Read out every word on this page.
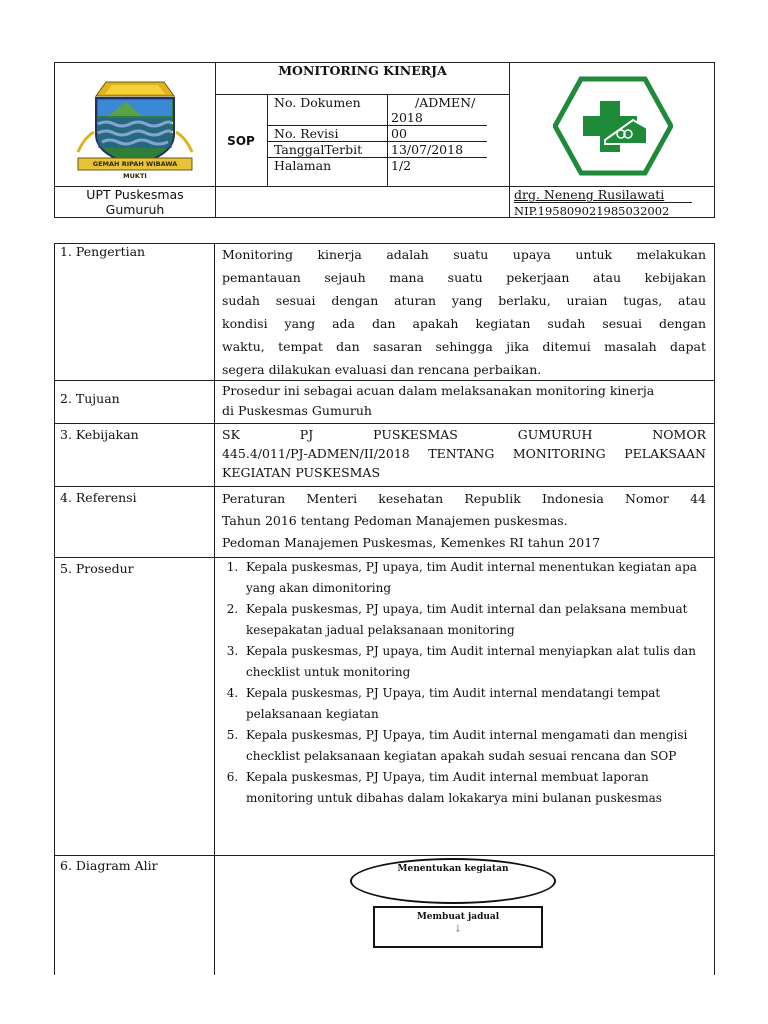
GEMAH RIPAH WIBAWA MUKTI
MONITORING KINERJA
SOP
No. Dokumen	/ADMEN/ 2018
No. Revisi	00
TanggalTerbit 13/07/2018
Halaman	1/2
UPT Puskesmas Gumuruh
drg. Neneng Rusilawati
NIP.195809021985032002
1. Pengertian	Monitoring kinerja adalah suatu upaya untuk melakukan
pemantauan sejauh mana suatu pekerjaan atau kebijakan
sudah sesuai dengan aturan yang berlaku, uraian tugas, atau
kondisi yang ada dan apakah kegiatan sudah sesuai dengan
waktu, tempat dan sasaran sehingga jika ditemui masalah dapat
segera dilakukan evaluasi dan rencana perbaikan.
2. Tujuan
Prosedur ini sebagai acuan dalam melaksanakan monitoring kinerja
di Puskesmas Gumuruh
3. Kebijakan	SK PJ PUSKESMAS GUMURUH NOMOR
445.4/011/PJ-ADMEN/II/2018 TENTANG MONITORING PELAKSAAN
KEGIATAN PUSKESMAS
4. Referensi	Peraturan Menteri kesehatan Republik Indonesia Nomor 44
Tahun 2016 tentang Pedoman Manajemen puskesmas.
Pedoman Manajemen Puskesmas, Kemenkes RI tahun 2017
5. Prosedur
1.	Kepala puskesmas, PJ upaya, tim Audit internal menentukan kegiatan apa yang akan dimonitoring
2. Kepala puskesmas, PJ upaya, tim Audit internal dan pelaksana membuat kesepakatan jadual pelaksanaan monitoring
3. Kepala puskesmas, PJ upaya, tim Audit internal menyiapkan alat tulis dan checklist untuk monitoring
4. Kepala puskesmas, PJ Upaya, tim Audit internal mendatangi tempat pelaksanaan kegiatan
5. Kepala puskesmas, PJ Upaya, tim Audit internal mengamati dan mengisi checklist pelaksanaan kegiatan apakah sudah sesuai rencana dan SOP
6. Kepala puskesmas, PJ Upaya, tim Audit internal membuat laporan monitoring untuk dibahas dalam lokakarya mini bulanan puskesmas
6. Diagram Alir	Menentukan kegiatan
Membuat jadual
↓
